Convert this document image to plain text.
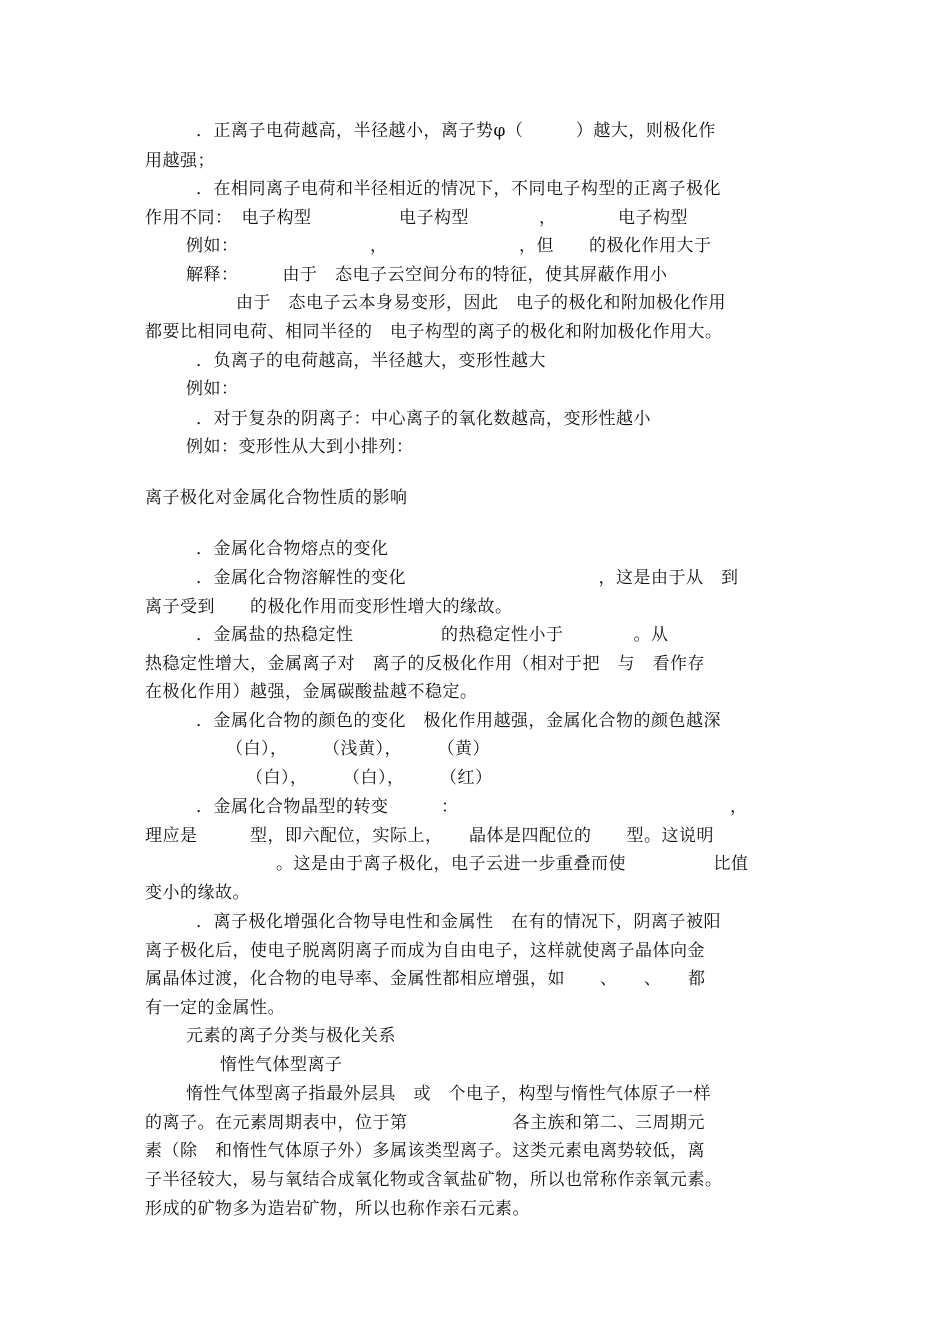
．正离子电荷越高，半径越小，离子势φ（　　　）越大，则极化作
用越强；
．在相同离子电荷和半径相近的情况下，不同电子构型的正离子极化
作用不同：　电子构型　　　　　电子构型　　　　，　　　　电子构型
例如：　　　　　　　　，　　　　　　　　，但　　的极化作用大于
解释：　　　由于　态电子云空间分布的特征，使其屏蔽作用小
由于　态电子云本身易变形，因此　电子的极化和附加极化作用
都要比相同电荷、相同半径的　电子构型的离子的极化和附加极化作用大。
．负离子的电荷越高，半径越大，变形性越大
例如：
．对于复杂的阴离子：中心离子的氧化数越高，变形性越小
例如：变形性从大到小排列：
离子极化对金属化合物性质的影响
．金属化合物熔点的变化
．金属化合物溶解性的变化　　　　　　　　　　　，这是由于从　到
离子受到　　的极化作用而变形性增大的缘故。
．金属盐的热稳定性　　　　　的热稳定性小于　　　　。从
热稳定性增大，金属离子对　离子的反极化作用（相对于把　与　看作存
在极化作用）越强，金属碳酸盐越不稳定。
．金属化合物的颜色的变化　极化作用越强，金属化合物的颜色越深
（白），　　　（浅黄），　　　（黄）
（白），　　　（白），　　　（红）
．金属化合物晶型的转变　　　：　　　　　　　　　　　　　　　　，
理应是　　　型，即六配位，实际上，　　晶体是四配位的　　型。这说明
。这是由于离子极化，电子云进一步重叠而使　　　　　比值
变小的缘故。
．离子极化增强化合物导电性和金属性　在有的情况下，阴离子被阳
离子极化后，使电子脱离阴离子而成为自由电子，这样就使离子晶体向金
属晶体过渡，化合物的电导率、金属性都相应增强，如　　、　　、　　都
有一定的金属性。
元素的离子分类与极化关系
惰性气体型离子
惰性气体型离子指最外层具　或　个电子，构型与惰性气体原子一样
的离子。在元素周期表中，位于第　　　　　　各主族和第二、三周期元
素（除　和惰性气体原子外）多属该类型离子。这类元素电离势较低，离
子半径较大，易与氧结合成氧化物或含氧盐矿物，所以也常称作亲氧元素。
形成的矿物多为造岩矿物，所以也称作亲石元素。
